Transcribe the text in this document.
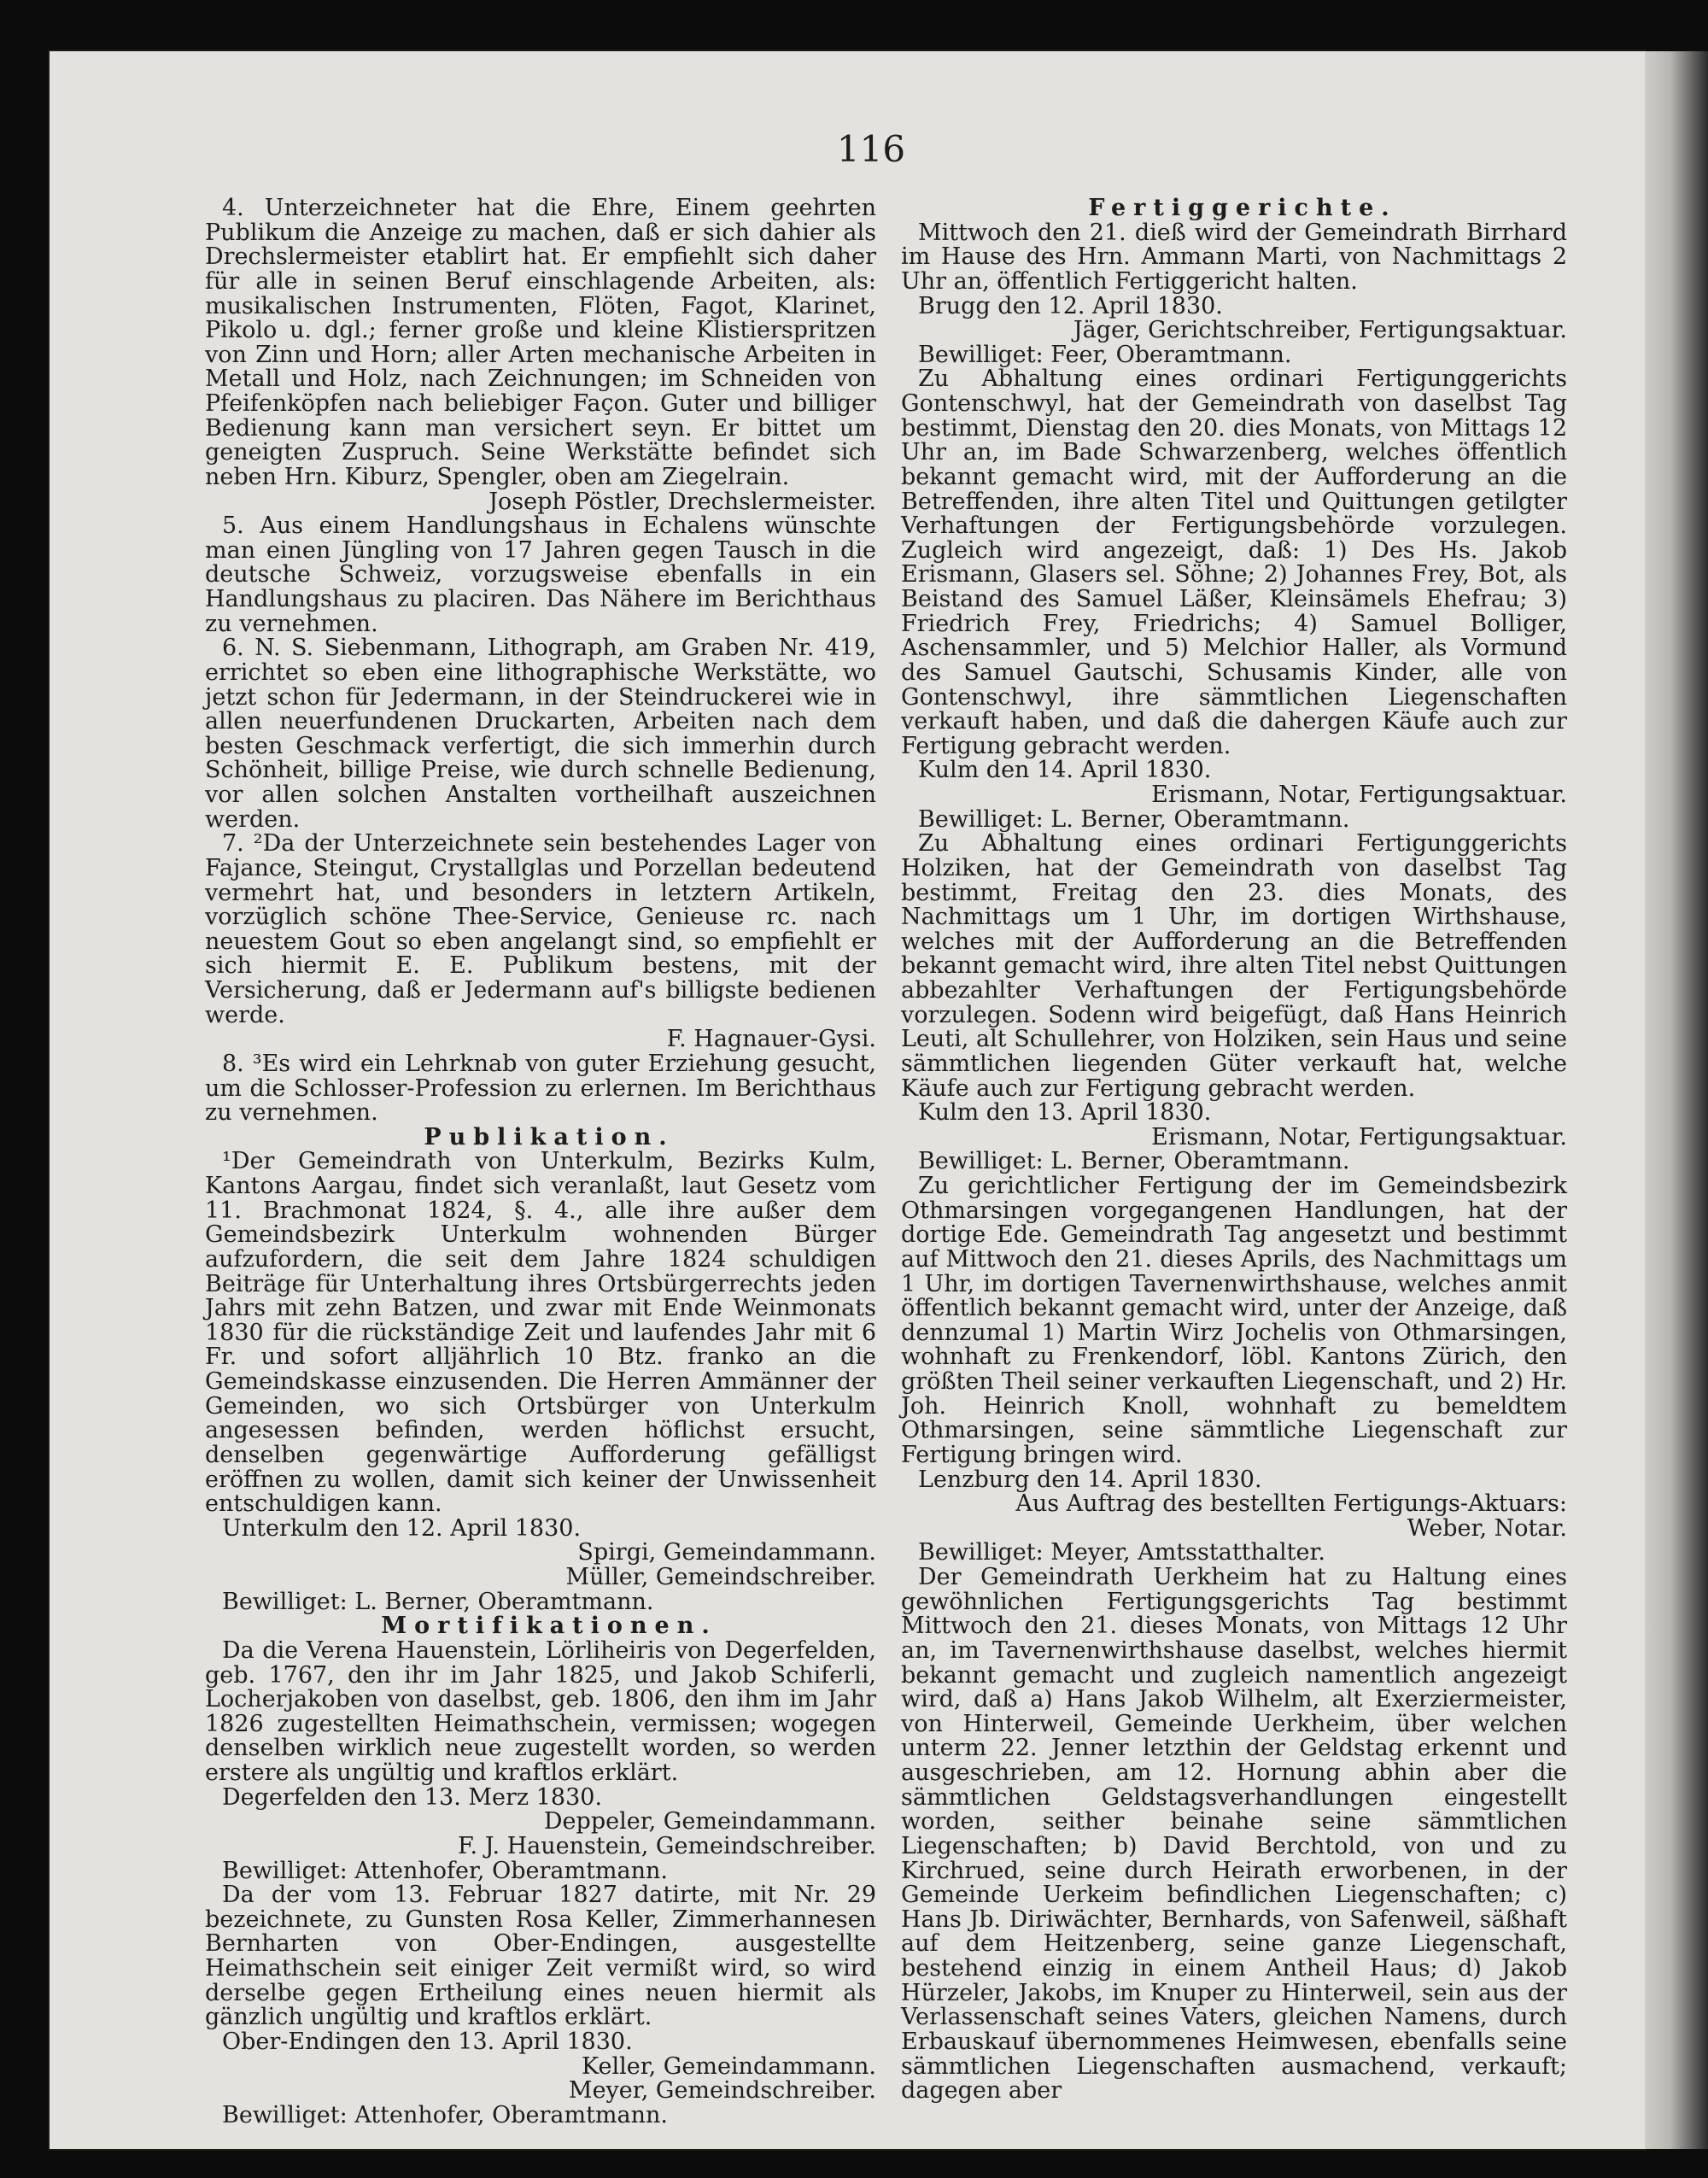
116

4. Unterzeichneter hat die Ehre, Einem geehrten Publikum die Anzeige zu machen, daß er sich dahier als Drechslermeister etablirt hat. Er empfiehlt sich daher für alle in seinen Beruf einschlagende Arbeiten, als: musikalischen Instrumenten, Flöten, Fagot, Klarinet, Pikolo u. dgl.; ferner große und kleine Klistierspritzen von Zinn und Horn; aller Arten mechanische Arbeiten in Metall und Holz, nach Zeichnungen; im Schneiden von Pfeifenköpfen nach beliebiger Façon. Guter und billiger Bedienung kann man versichert seyn. Er bittet um geneigten Zuspruch. Seine Werkstätte befindet sich neben Hrn. Kiburz, Spengler, oben am Ziegelrain.

Joseph Pöstler, Drechslermeister.

5. Aus einem Handlungshaus in Echalens wünschte man einen Jüngling von 17 Jahren gegen Tausch in die deutsche Schweiz, vorzugsweise ebenfalls in ein Handlungshaus zu placiren. Das Nähere im Berichthaus zu vernehmen.

6. N. S. Siebenmann, Lithograph, am Graben Nr. 419, errichtet so eben eine lithographische Werkstätte, wo jetzt schon für Jedermann, in der Steindruckerei wie in allen neuerfundenen Druckarten, Arbeiten nach dem besten Geschmack verfertigt, die sich immerhin durch Schönheit, billige Preise, wie durch schnelle Bedienung, vor allen solchen Anstalten vortheilhaft auszeichnen werden.

7. ²Da der Unterzeichnete sein bestehendes Lager von Fajance, Steingut, Crystallglas und Porzellan bedeutend vermehrt hat, und besonders in letztern Artikeln, vorzüglich schöne Thee-Service, Genieuse rc. nach neuestem Gout so eben angelangt sind, so empfiehlt er sich hiermit E. E. Publikum bestens, mit der Versicherung, daß er Jedermann auf's billigste bedienen werde.

F. Hagnauer-Gysi.

8. ³Es wird ein Lehrknab von guter Erziehung gesucht, um die Schlosser-Profession zu erlernen. Im Berichthaus zu vernehmen.

Publikation.

¹Der Gemeindrath von Unterkulm, Bezirks Kulm, Kantons Aargau, findet sich veranlaßt, laut Gesetz vom 11. Brachmonat 1824, §. 4., alle ihre außer dem Gemeindsbezirk Unterkulm wohnenden Bürger aufzufordern, die seit dem Jahre 1824 schuldigen Beiträge für Unterhaltung ihres Ortsbürgerrechts jeden Jahrs mit zehn Batzen, und zwar mit Ende Weinmonats 1830 für die rückständige Zeit und laufendes Jahr mit 6 Fr. und sofort alljährlich 10 Btz. franko an die Gemeindskasse einzusenden. Die Herren Ammänner der Gemeinden, wo sich Ortsbürger von Unterkulm angesessen befinden, werden höflichst ersucht, denselben gegenwärtige Aufforderung gefälligst eröffnen zu wollen, damit sich keiner der Unwissenheit entschuldigen kann.

Unterkulm den 12. April 1830.

Spirgi, Gemeindammann.

Müller, Gemeindschreiber.

Bewilliget: L. Berner, Oberamtmann.

Mortifikationen.

Da die Verena Hauenstein, Lörliheiris von Degerfelden, geb. 1767, den ihr im Jahr 1825, und Jakob Schiferli, Locherjakoben von daselbst, geb. 1806, den ihm im Jahr 1826 zugestellten Heimathschein, vermissen; wogegen denselben wirklich neue zugestellt worden, so werden erstere als ungültig und kraftlos erklärt.

Degerfelden den 13. Merz 1830.

Deppeler, Gemeindammann.

F. J. Hauenstein, Gemeindschreiber.

Bewilliget: Attenhofer, Oberamtmann.

Da der vom 13. Februar 1827 datirte, mit Nr. 29 bezeichnete, zu Gunsten Rosa Keller, Zimmerhannesen Bernharten von Ober-Endingen, ausgestellte Heimathschein seit einiger Zeit vermißt wird, so wird derselbe gegen Ertheilung eines neuen hiermit als gänzlich ungültig und kraftlos erklärt.

Ober-Endingen den 13. April 1830.

Keller, Gemeindammann.

Meyer, Gemeindschreiber.

Bewilliget: Attenhofer, Oberamtmann.

Fertiggerichte.

Mittwoch den 21. dieß wird der Gemeindrath Birrhard im Hause des Hrn. Ammann Marti, von Nachmittags 2 Uhr an, öffentlich Fertiggericht halten.

Brugg den 12. April 1830.

Jäger, Gerichtschreiber, Fertigungsaktuar.

Bewilliget: Feer, Oberamtmann.

Zu Abhaltung eines ordinari Fertigunggerichts Gontenschwyl, hat der Gemeindrath von daselbst Tag bestimmt, Dienstag den 20. dies Monats, von Mittags 12 Uhr an, im Bade Schwarzenberg, welches öffentlich bekannt gemacht wird, mit der Aufforderung an die Betreffenden, ihre alten Titel und Quittungen getilgter Verhaftungen der Fertigungsbehörde vorzulegen. Zugleich wird angezeigt, daß: 1) Des Hs. Jakob Erismann, Glasers sel. Söhne; 2) Johannes Frey, Bot, als Beistand des Samuel Läßer, Kleinsämels Ehefrau; 3) Friedrich Frey, Friedrichs; 4) Samuel Bolliger, Aschensammler, und 5) Melchior Haller, als Vormund des Samuel Gautschi, Schusamis Kinder, alle von Gontenschwyl, ihre sämmtlichen Liegenschaften verkauft haben, und daß die dahergen Käufe auch zur Fertigung gebracht werden.

Kulm den 14. April 1830.

Erismann, Notar, Fertigungsaktuar.

Bewilliget: L. Berner, Oberamtmann.

Zu Abhaltung eines ordinari Fertigunggerichts Holziken, hat der Gemeindrath von daselbst Tag bestimmt, Freitag den 23. dies Monats, des Nachmittags um 1 Uhr, im dortigen Wirthshause, welches mit der Aufforderung an die Betreffenden bekannt gemacht wird, ihre alten Titel nebst Quittungen abbezahlter Verhaftungen der Fertigungsbehörde vorzulegen. Sodenn wird beigefügt, daß Hans Heinrich Leuti, alt Schullehrer, von Holziken, sein Haus und seine sämmtlichen liegenden Güter verkauft hat, welche Käufe auch zur Fertigung gebracht werden.

Kulm den 13. April 1830.

Erismann, Notar, Fertigungsaktuar.

Bewilliget: L. Berner, Oberamtmann.

Zu gerichtlicher Fertigung der im Gemeindsbezirk Othmarsingen vorgegangenen Handlungen, hat der dortige Ede. Gemeindrath Tag angesetzt und bestimmt auf Mittwoch den 21. dieses Aprils, des Nachmittags um 1 Uhr, im dortigen Tavernenwirthshause, welches anmit öffentlich bekannt gemacht wird, unter der Anzeige, daß dennzumal 1) Martin Wirz Jochelis von Othmarsingen, wohnhaft zu Frenkendorf, löbl. Kantons Zürich, den größten Theil seiner verkauften Liegenschaft, und 2) Hr. Joh. Heinrich Knoll, wohnhaft zu bemeldtem Othmarsingen, seine sämmtliche Liegenschaft zur Fertigung bringen wird.

Lenzburg den 14. April 1830.

Aus Auftrag des bestellten Fertigungs-Aktuars:

Weber, Notar.

Bewilliget: Meyer, Amtsstatthalter.

Der Gemeindrath Uerkheim hat zu Haltung eines gewöhnlichen Fertigungsgerichts Tag bestimmt Mittwoch den 21. dieses Monats, von Mittags 12 Uhr an, im Tavernenwirthshause daselbst, welches hiermit bekannt gemacht und zugleich namentlich angezeigt wird, daß a) Hans Jakob Wilhelm, alt Exerziermeister, von Hinterweil, Gemeinde Uerkheim, über welchen unterm 22. Jenner letzthin der Geldstag erkennt und ausgeschrieben, am 12. Hornung abhin aber die sämmtlichen Geldstagsverhandlungen eingestellt worden, seither beinahe seine sämmtlichen Liegenschaften; b) David Berchtold, von und zu Kirchrued, seine durch Heirath erworbenen, in der Gemeinde Uerkeim befindlichen Liegenschaften; c) Hans Jb. Diriwächter, Bernhards, von Safenweil, säßhaft auf dem Heitzenberg, seine ganze Liegenschaft, bestehend einzig in einem Antheil Haus; d) Jakob Hürzeler, Jakobs, im Knuper zu Hinterweil, sein aus der Verlassenschaft seines Vaters, gleichen Namens, durch Erbauskauf übernommenes Heimwesen, ebenfalls seine sämmtlichen Liegenschaften ausmachend, verkauft; dagegen aber
